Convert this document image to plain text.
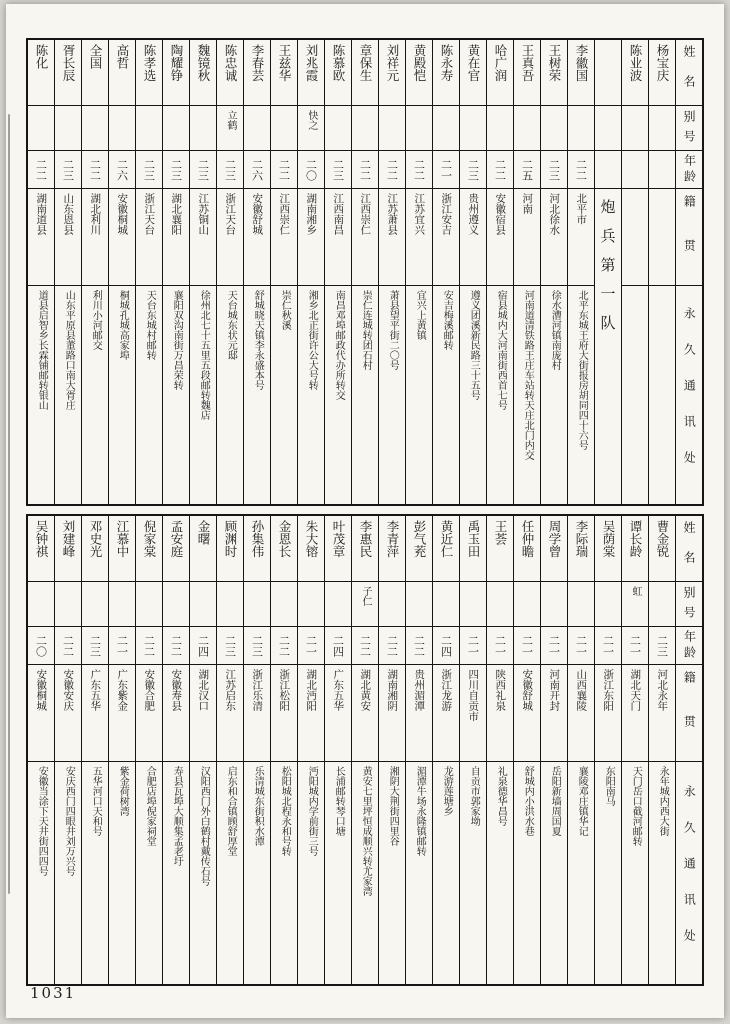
姓名
别号
年龄
籍贯
永久通讯处
杨宝庆
陈业波
炮兵第一队
李徽国
二二
北平市
北平东城王府大街报房胡同四十六号
王树荣
二三
河北徐水
徐水漕河镇南庞村
王真吾
二五
河南
河南道清铁路王庄车站转天庄北门内交
哈广润
二二
安徽宿县
宿县城内大河南街西首七号
黄在官
二三
贵州遵义
遵义团溪新民路三十五号
陈永寿
二一
浙江安吉
安吉梅溪邮转
黄殿恺
二二
江苏宜兴
宜兴上黄镇
刘祥元
二二
江苏萧县
萧县望平街二〇号
章保生
二二
江西崇仁
崇仁连城转团石村
陈慕欧
二三
江西南昌
南昌邓埠邮政代办所转交
刘兆霞
快之
二〇
湖南湘乡
湘乡北正街许公大号转
王兹华
二二
江西崇仁
崇仁秋溪
李春芸
二六
安徽舒城
舒城晓天镇李永盛本号
陈忠诚
立鹤
二三
浙江天台
天台城东状元邸
魏镜秋
二三
江苏铜山
徐州北七十五里五段邮转魏店
陶耀铮
二三
湖北襄阳
襄阳双沟南街万昌荣转
陈孝选
二三
浙江天台
天台东城村邮转
高哲
二六
安徽桐城
桐城孔城高家埠
全国
二二
湖北利川
利川小河邮交
胥长辰
二三
山东恩县
山东平原县董路口南大胥庄
陈化
二二
湖南道县
道县启智乡长霖铺邮转银山
姓名
别号
年龄
籍贯
永久通讯处
曹金锐
二三
河北永年
永年城内西大街
谭长龄
虹
二一
湖北天门
天门岳口截河邮转
吴荫棠
二一
浙江东阳
东阳南马
李际瑞
二一
山西襄陵
襄陵邓庄镇华记
周学曾
二一
河南开封
岳阳新墙周国夏
任仲曕
二一
安徽舒城
舒城内小洪水巷
王荟
二一
陕西礼泉
礼泉德华昌号
禹玉田
二一
四川自贡市
自贡市郭家坳
黄近仁
二四
浙江龙游
龙游莲塘乡
彭气茺
二二
贵州湄潭
湄潭牛场永隆镇邮转
李青萍
二二
湖南湘阴
湘阴大荆街四里谷
李惠民
子仁
二二
湖北黄安
黄安七里坪恒成顺兴转尤家湾
叶茂章
二四
广东五华
长浦邮转琴口塘
朱大镕
二一
湖北沔阳
沔阳城内学前街三号
金恩长
二二
浙江松阳
松阳城北程永和号转
孙集伟
二三
浙江乐清
乐清城东街积水潭
顾渊时
二三
江苏启东
启东和合镇顾舒厚堂
金曙
二四
湖北汉口
汉阳西门外白鹤村戴传石号
孟安庭
二二
安徽寿县
寿县瓦埠大顺集孟老圩
倪家棠
二二
安徽合肥
合肥店埠倪家祠堂
江慕中
二一
广东紫金
紫金荷树湾
邓史光
二三
广东五华
五华河口天和号
刘建峰
二二
安徽安庆
安庆西门四眼井刘万兴号
吴钟祺
二〇
安徽桐城
安徽当涂下天井街四四号
1031
